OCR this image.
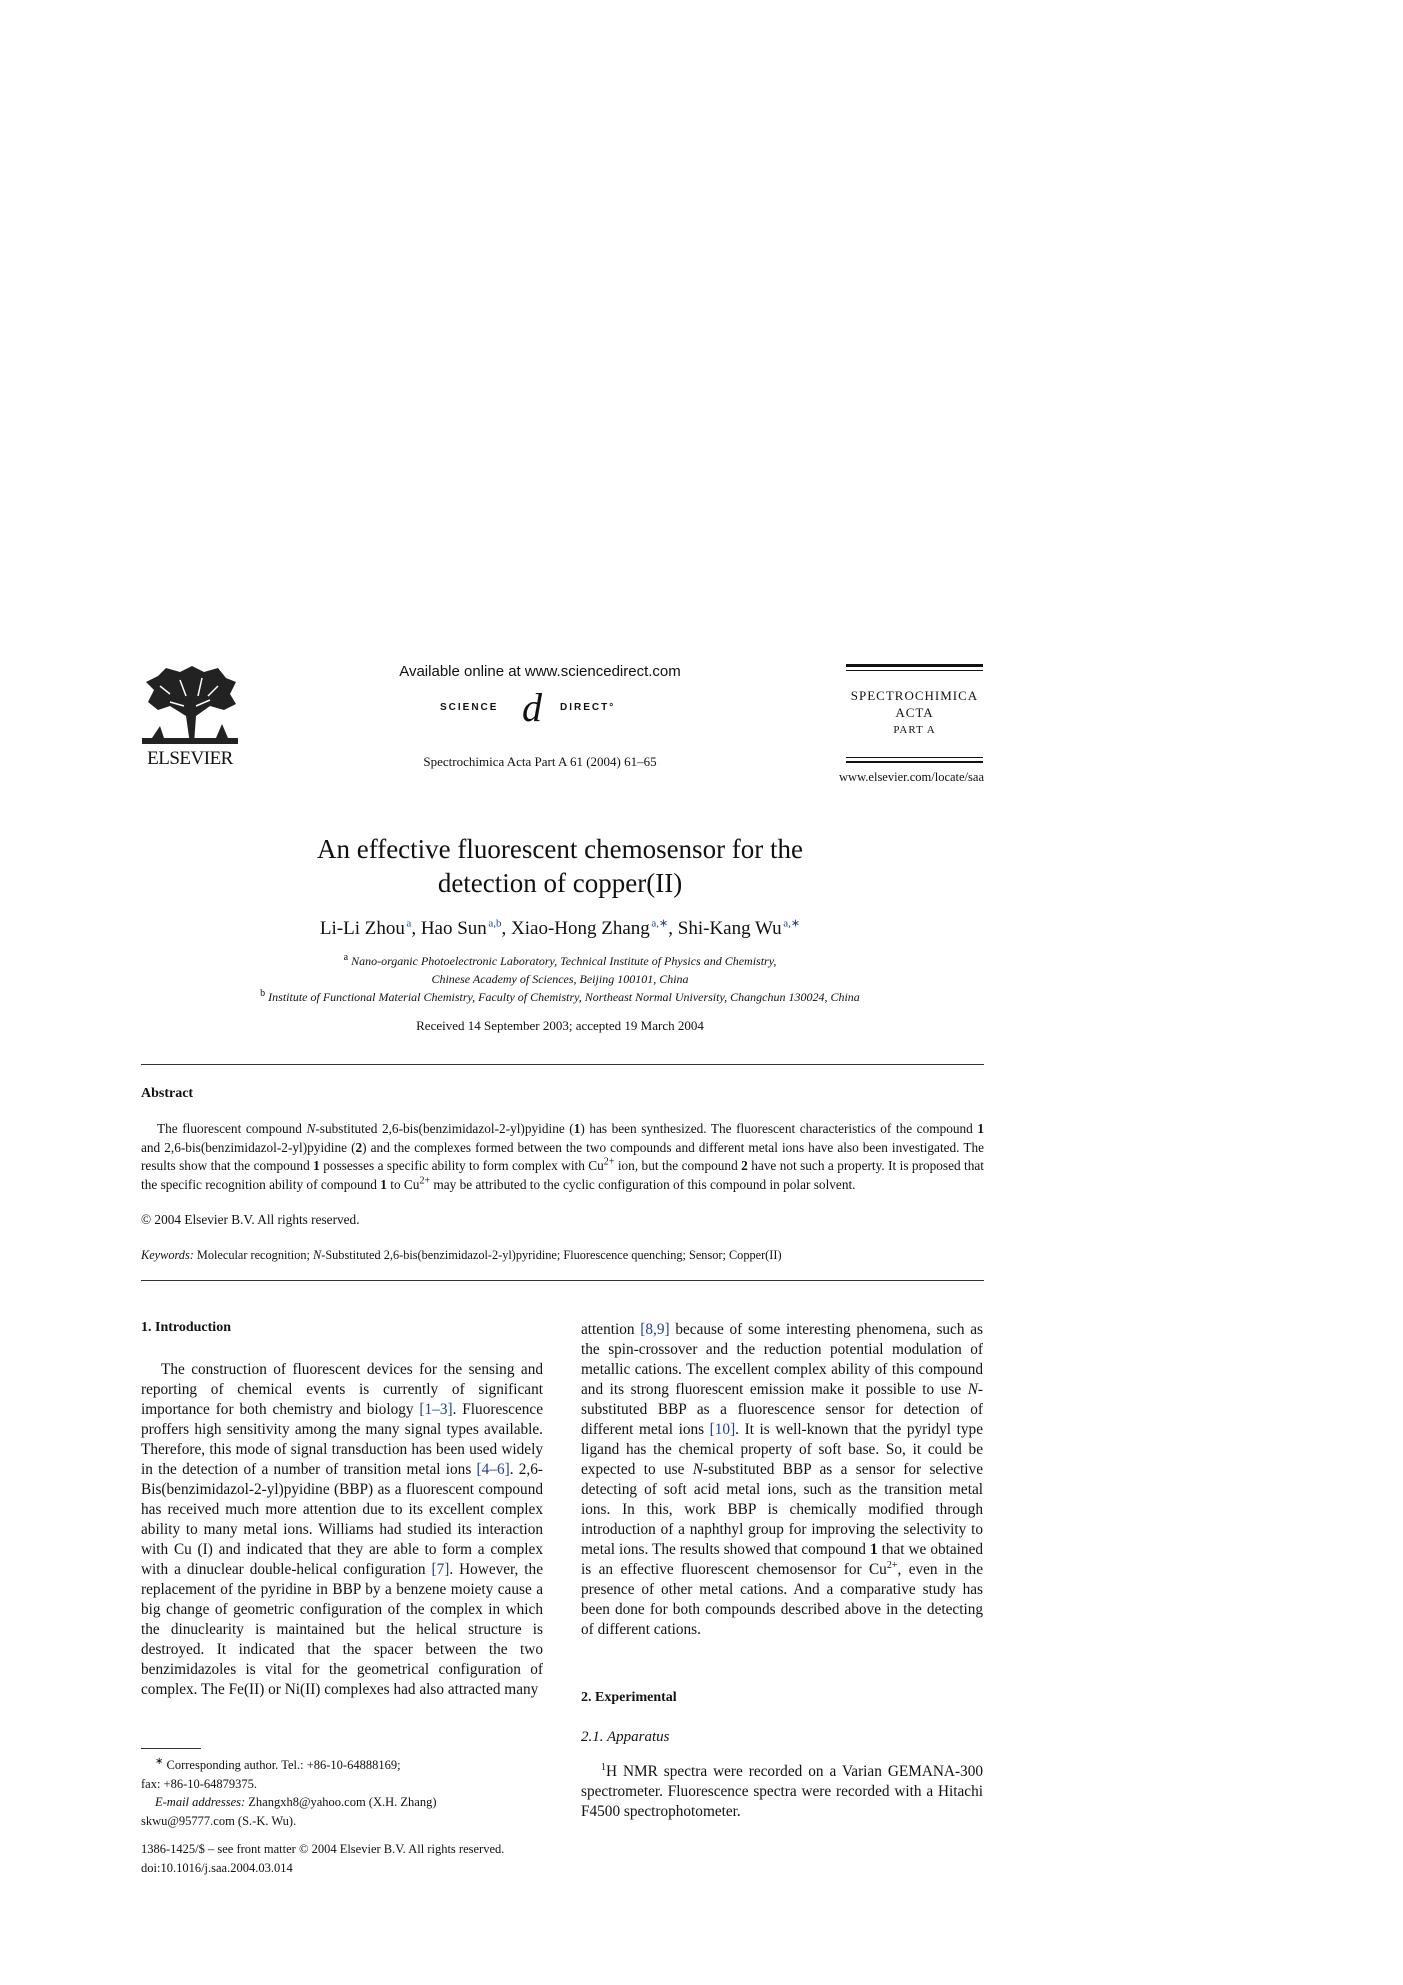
ELSEVIER
Available online at www.sciencedirect.com
SCIENCE d DIRECT°
Spectrochimica Acta Part A 61 (2004) 61–65
SPECTROCHIMICA
ACTA
PART A
www.elsevier.com/locate/saa
An effective fluorescent chemosensor for the
detection of copper(II)
Li-Li Zhou  $^a$, Hao Sun  $^{a,b}$, Xiao-Hong Zhang  $^{a,∗}$, Shi-Kang Wu  $^{a,∗}$
$^a$ Nano-organic Photoelectronic Laboratory, Technical Institute of Physics and Chemistry,
Chinese Academy of Sciences, Beijing 100101, China
$^b$ Institute of Functional Material Chemistry, Faculty of Chemistry, Northeast Normal University, Changchun 130024, China
Received 14 September 2003; accepted 19 March 2004
Abstract
The fluorescent compound N-substituted 2,6-bis(benzimidazol-2-yl)pyidine (1) has been synthesized. The fluorescent characteristics of the compound 1 and 2,6-bis(benzimidazol-2-yl)pyidine (2) and the complexes formed between the two compounds and different metal ions have also been investigated. The results show that the compound 1 possesses a specific ability to form complex with $Cu^{2+}$ ion, but the compound 2 have not such a property. It is proposed that the specific recognition ability of compound 1 to $Cu^{2+}$ may be attributed to the cyclic configuration of this compound in polar solvent.
© 2004 Elsevier B.V. All rights reserved.
Keywords: Molecular recognition; N-Substituted 2,6-bis(benzimidazol-2-yl)pyridine; Fluorescence quenching; Sensor; Copper(II)
1. Introduction
The construction of fluorescent devices for the sensing and reporting of chemical events is currently of significant importance for both chemistry and biology [1–3]. Fluorescence proffers high sensitivity among the many signal types available. Therefore, this mode of signal transduction has been used widely in the detection of a number of transition metal ions [4–6]. 2,6-Bis(benzimidazol-2-yl)pyidine (BBP) as a fluorescent compound has received much more attention due to its excellent complex ability to many metal ions. Williams had studied its interaction with Cu (I) and indicated that they are able to form a complex with a dinuclear double-helical configuration [7]. However, the replacement of the pyridine in BBP by a benzene moiety cause a big change of geometric configuration of the complex in which the dinuclearity is maintained but the helical structure is destroyed. It indicated that the spacer between the two benzimidazoles is vital for the geometrical configuration of complex. The Fe(II) or Ni(II) complexes had also attracted many
attention [8,9] because of some interesting phenomena, such as the spin-crossover and the reduction potential modulation of metallic cations. The excellent complex ability of this compound and its strong fluorescent emission make it possible to use N-substituted BBP as a fluorescence sensor for detection of different metal ions [10]. It is well-known that the pyridyl type ligand has the chemical property of soft base. So, it could be expected to use N-substituted BBP as a sensor for selective detecting of soft acid metal ions, such as the transition metal ions. In this, work BBP is chemically modified through introduction of a naphthyl group for improving the selectivity to metal ions. The results showed that compound 1 that we obtained is an effective fluorescent chemosensor for $Cu^{2+}$, even in the presence of other metal cations. And a comparative study has been done for both compounds described above in the detecting of different cations.
2. Experimental
2.1. Apparatus
$^1$H NMR spectra were recorded on a Varian GEMANA-300 spectrometer. Fluorescence spectra were recorded with a Hitachi F4500 spectrophotometer.
∗ Corresponding author. Tel.: +86-10-64888169;
fax: +86-10-64879375.
E-mail addresses: Zhangxh8@yahoo.com (X.H. Zhang)
skwu@95777.com (S.-K. Wu).
1386-1425/$ – see front matter © 2004 Elsevier B.V. All rights reserved.
doi:10.1016/j.saa.2004.03.014
